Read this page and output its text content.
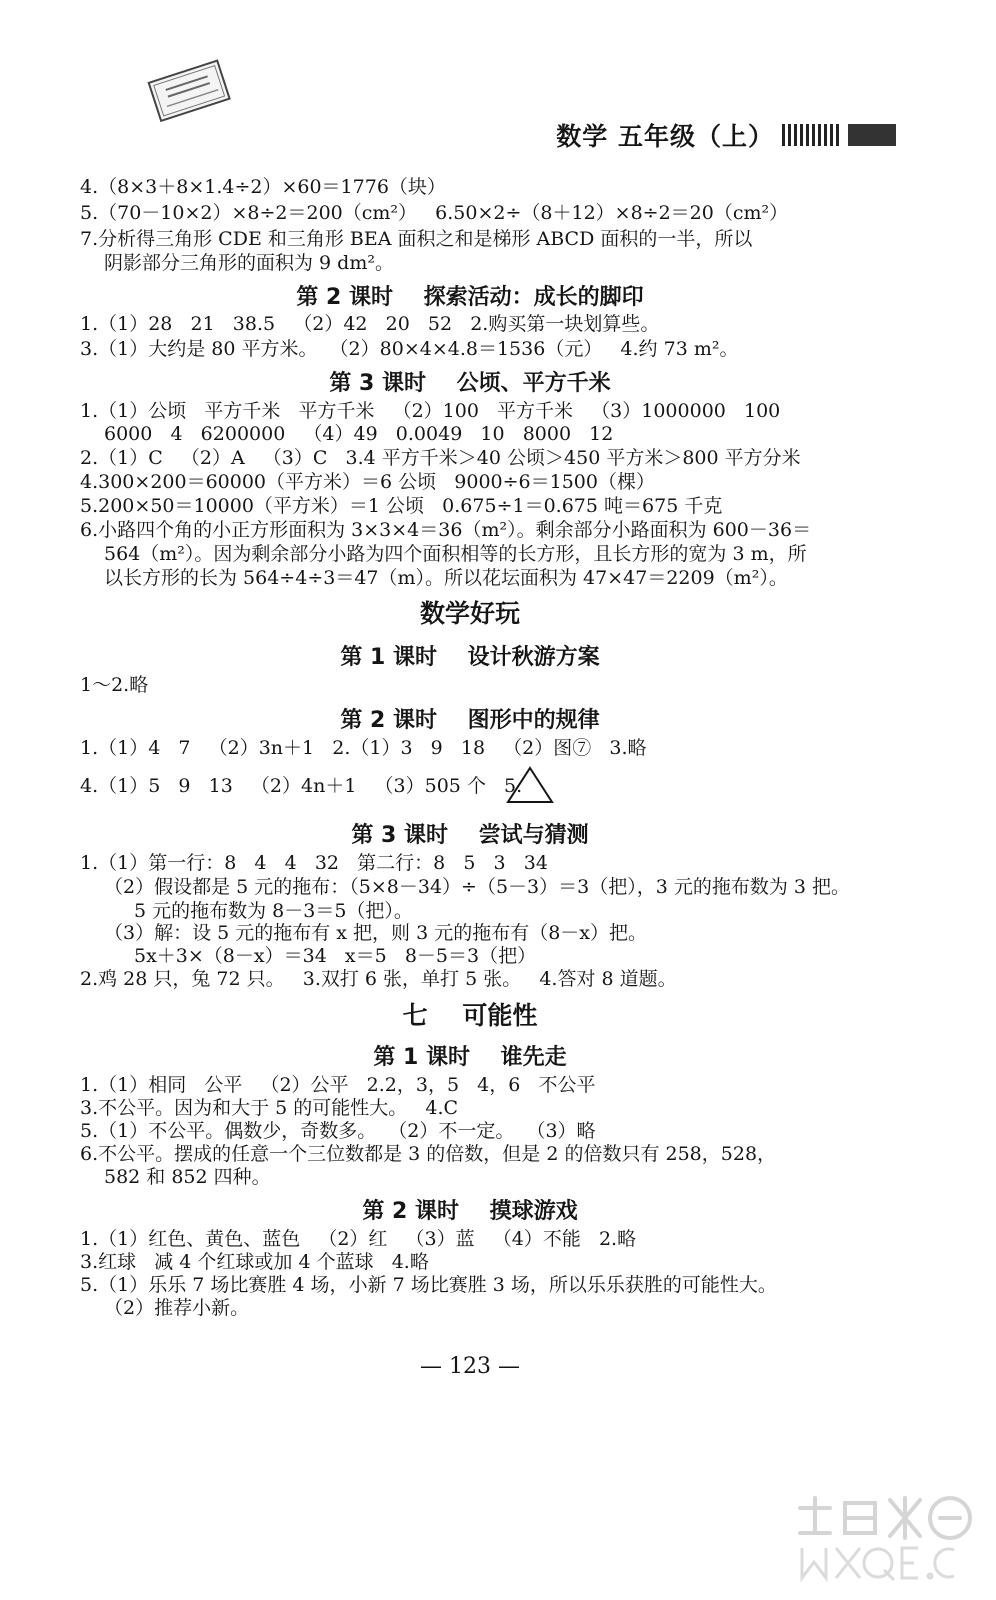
数学 五年级（上）
4.（8×3＋8×1.4÷2）×60＝1776（块）
5.（70－10×2）×8÷2＝200（cm²）   6.50×2÷（8＋12）×8÷2＝20（cm²）
7.分析得三角形 CDE 和三角形 BEA 面积之和是梯形 ABCD 面积的一半，所以
阴影部分三角形的面积为 9 dm²。
第 2 课时    探索活动：成长的脚印
1.（1）28   21   38.5   （2）42   20   52   2.购买第一块划算些。
3.（1）大约是 80 平方米。  （2）80×4×4.8＝1536（元）   4.约 73 m²。
第 3 课时    公顷、平方千米
1.（1）公顷   平方千米   平方千米   （2）100   平方千米   （3）1000000   100
6000   4   6200000   （4）49   0.0049   10   8000   12
2.（1）C   （2）A   （3）C   3.4 平方千米＞40 公顷＞450 平方米＞800 平方分米
4.300×200＝60000（平方米）＝6 公顷   9000÷6＝1500（棵）
5.200×50＝10000（平方米）＝1 公顷   0.675÷1＝0.675 吨＝675 千克
6.小路四个角的小正方形面积为 3×3×4＝36（m²）。剩余部分小路面积为 600－36＝
564（m²）。因为剩余部分小路为四个面积相等的长方形，且长方形的宽为 3 m，所
以长方形的长为 564÷4÷3＝47（m）。所以花坛面积为 47×47＝2209（m²）。
数学好玩
第 1 课时    设计秋游方案
1～2.略
第 2 课时    图形中的规律
1.（1）4   7   （2）3n＋1   2.（1）3   9   18   （2）图⑦   3.略
4.（1）5   9   13   （2）4n＋1   （3）505 个   5.
第 3 课时    尝试与猜测
1.（1）第一行：8   4   4   32   第二行：8   5   3   34
（2）假设都是 5 元的拖布：（5×8－34）÷（5－3）＝3（把），3 元的拖布数为 3 把。
5 元的拖布数为 8－3＝5（把）。
（3）解：设 5 元的拖布有 x 把，则 3 元的拖布有（8－x）把。
5x＋3×（8－x）＝34   x＝5   8－5＝3（把）
2.鸡 28 只，兔 72 只。   3.双打 6 张，单打 5 张。   4.答对 8 道题。
七    可能性
第 1 课时    谁先走
1.（1）相同   公平   （2）公平   2.2，3，5   4，6   不公平
3.不公平。因为和大于 5 的可能性大。   4.C
5.（1）不公平。偶数少，奇数多。  （2）不一定。  （3）略
6.不公平。摆成的任意一个三位数都是 3 的倍数，但是 2 的倍数只有 258，528，
582 和 852 四种。
第 2 课时    摸球游戏
1.（1）红色、黄色、蓝色   （2）红   （3）蓝   （4）不能   2.略
3.红球   减 4 个红球或加 4 个蓝球   4.略
5.（1）乐乐 7 场比赛胜 4 场，小新 7 场比赛胜 3 场，所以乐乐获胜的可能性大。
（2）推荐小新。
— 123 —
